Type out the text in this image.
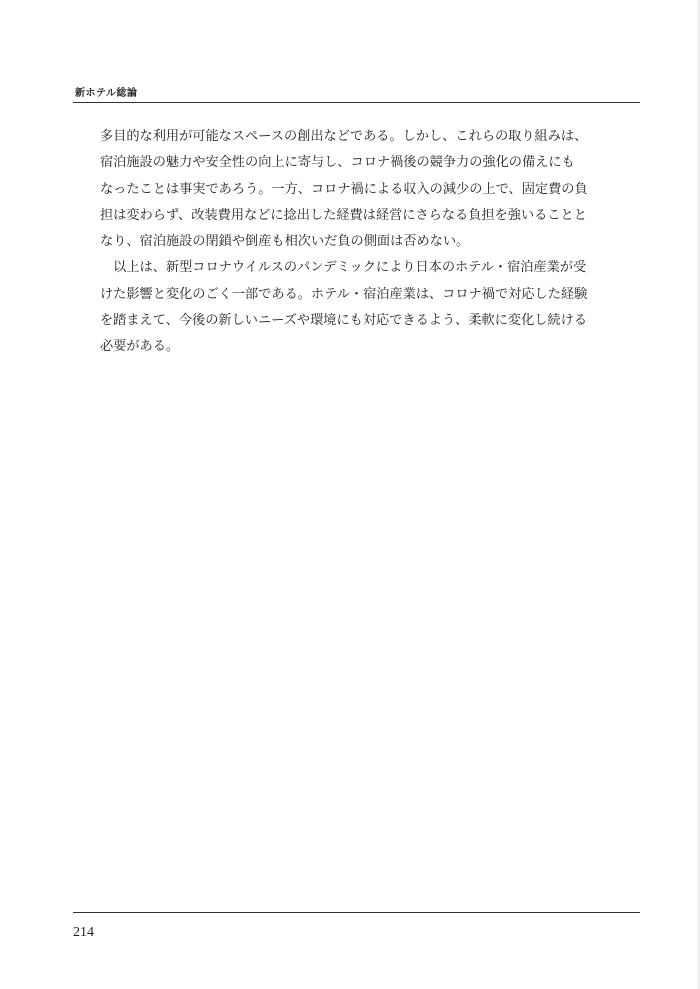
新ホテル総論

多目的な利用が可能なスペースの創出などである。しかし、これらの取り組みは、

宿泊施設の魅力や安全性の向上に寄与し、コロナ禍後の競争力の強化の備えにも

なったことは事実であろう。一方、コロナ禍による収入の減少の上で、固定費の負

担は変わらず、改装費用などに捻出した経費は経営にさらなる負担を強いることと

なり、宿泊施設の閉鎖や倒産も相次いだ負の側面は否めない。

　以上は、新型コロナウイルスのパンデミックにより日本のホテル・宿泊産業が受

けた影響と変化のごく一部である。ホテル・宿泊産業は、コロナ禍で対応した経験

を踏まえて、今後の新しいニーズや環境にも対応できるよう、柔軟に変化し続ける

必要がある。

214
